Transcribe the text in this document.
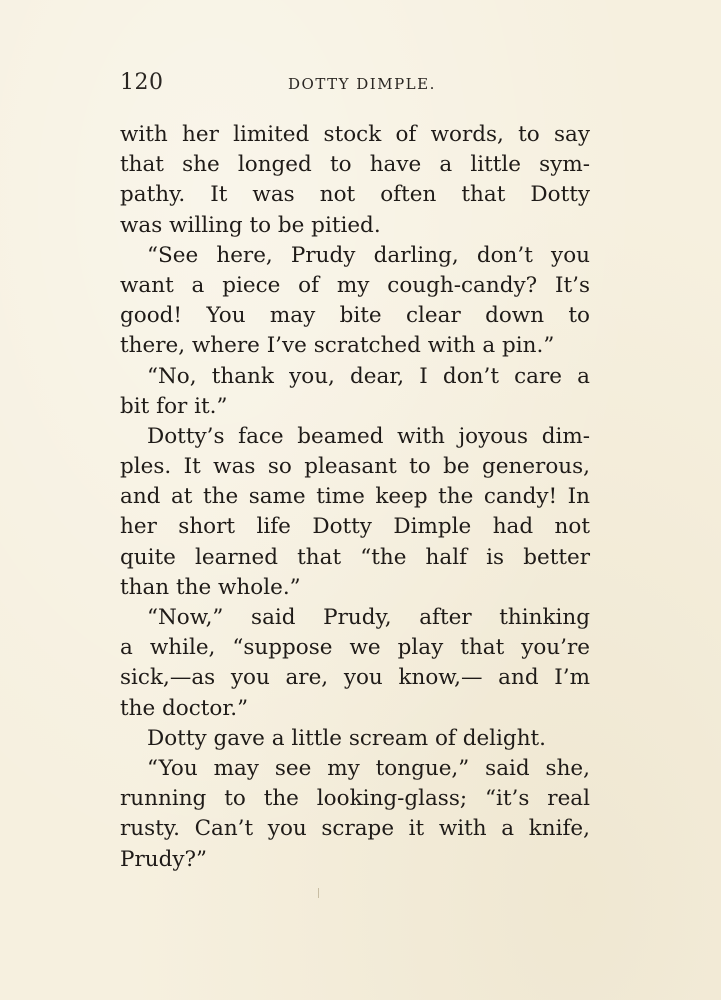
120	DOTTY DIMPLE.
with her limited stock of words, to say
that she longed to have a little sym-
pathy. It was not often that Dotty
was willing to be pitied.
“See here, Prudy darling, don’t you
want a piece of my cough-candy? It’s
good! You may bite clear down to
there, where I’ve scratched with a pin.”
“No, thank you, dear, I don’t care a
bit for it.”
Dotty’s face beamed with joyous dim-
ples. It was so pleasant to be generous,
and at the same time keep the candy! In
her short life Dotty Dimple had not
quite learned that “the half is better
than the whole.”
“Now,” said Prudy, after thinking
a while, “suppose we play that you’re
sick,—as you are, you know,— and I’m
the doctor.”
Dotty gave a little scream of delight.
“You may see my tongue,” said she,
running to the looking-glass; “it’s real
rusty. Can’t you scrape it with a knife,
Prudy?”
